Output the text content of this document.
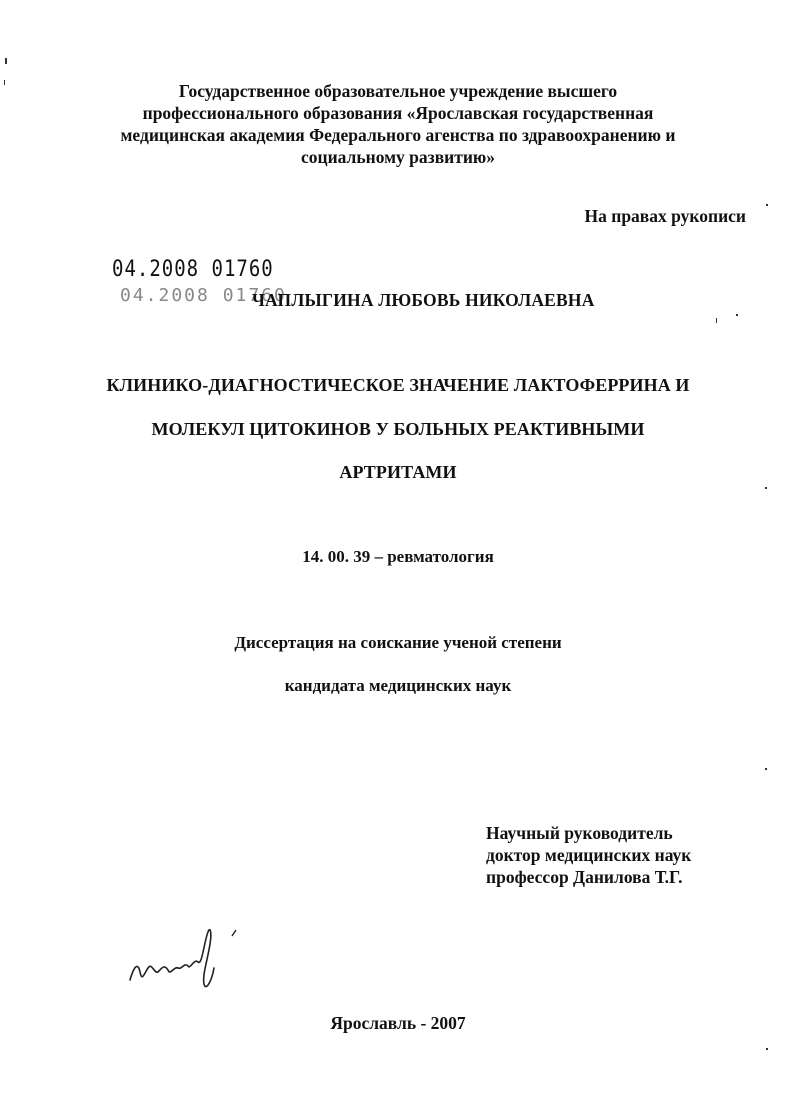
Государственное образовательное учреждение высшего
профессионального образования «Ярославская государственная
медицинская академия Федерального агенства по здравоохранению и
социальному развитию»
На правах рукописи
04.2008 01760
04.2008 01760
ЧАПЛЫГИНА ЛЮБОВЬ НИКОЛАЕВНА
КЛИНИКО-ДИАГНОСТИЧЕСКОЕ ЗНАЧЕНИЕ ЛАКТОФЕРРИНА И
МОЛЕКУЛ ЦИТОКИНОВ У БОЛЬНЫХ РЕАКТИВНЫМИ
АРТРИТАМИ
14. 00. 39 – ревматология
Диссертация на соискание ученой степени
кандидата медицинских наук
Научный руководитель
доктор медицинских наук
профессор Данилова Т.Г.
Ярославль - 2007
